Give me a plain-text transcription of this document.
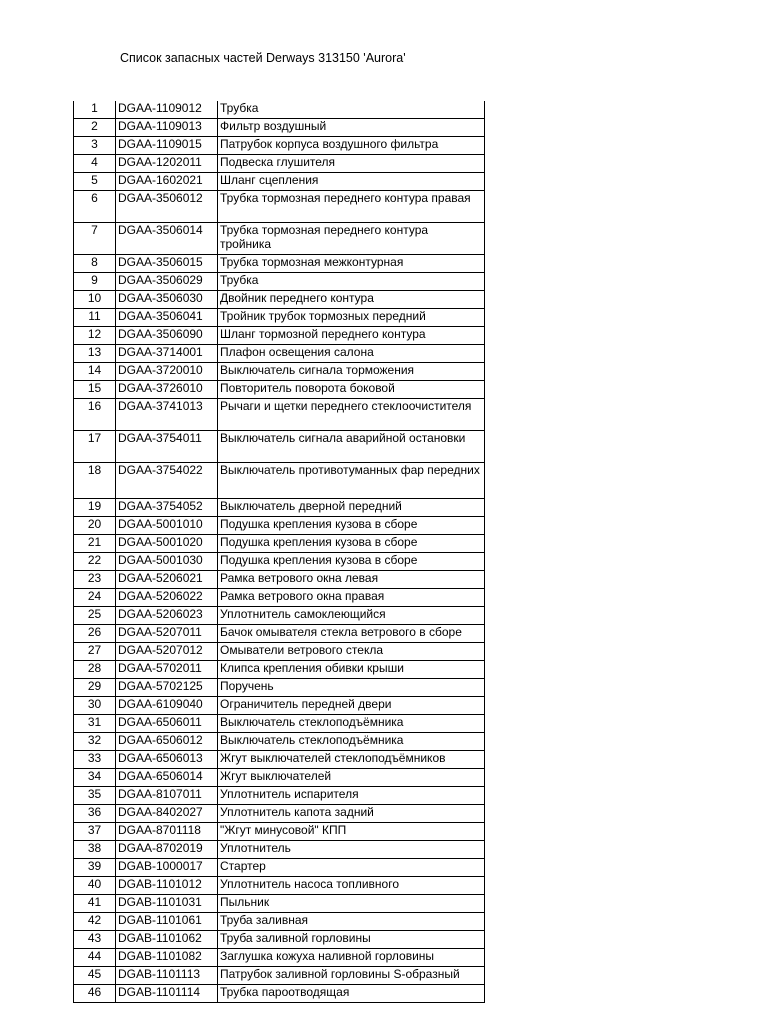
Список запасных частей Derways 313150 'Aurora'
1	DGAA-1109012	Трубка
2	DGAA-1109013	Фильтр воздушный
3	DGAA-1109015	Патрубок корпуса воздушного фильтра
4	DGAA-1202011	Подвеска глушителя
5	DGAA-1602021	Шланг сцепления
6	DGAA-3506012	Трубка тормозная переднего контура правая
7	DGAA-3506014	Трубка тормозная переднего контура тройника
8	DGAA-3506015	Трубка тормозная межконтурная
9	DGAA-3506029	Трубка
10	DGAA-3506030	Двойник переднего контура
11	DGAA-3506041	Тройник трубок тормозных передний
12	DGAA-3506090	Шланг тормозной переднего контура
13	DGAA-3714001	Плафон освещения салона
14	DGAA-3720010	Выключатель сигнала торможения
15	DGAA-3726010	Повторитель поворота боковой
16	DGAA-3741013	Рычаги и щетки переднего стеклоочистителя
17	DGAA-3754011	Выключатель сигнала аварийной остановки
18	DGAA-3754022	Выключатель противотуманных фар передних
19	DGAA-3754052	Выключатель дверной передний
20	DGAA-5001010	Подушка крепления кузова в сборе
21	DGAA-5001020	Подушка крепления кузова в сборе
22	DGAA-5001030	Подушка крепления кузова в сборе
23	DGAA-5206021	Рамка ветрового окна левая
24	DGAA-5206022	Рамка ветрового окна правая
25	DGAA-5206023	Уплотнитель самоклеющийся
26	DGAA-5207011	Бачок омывателя стекла ветрового в сборе
27	DGAA-5207012	Омыватели ветрового стекла
28	DGAA-5702011	Клипса крепления обивки крыши
29	DGAA-5702125	Поручень
30	DGAA-6109040	Ограничитель передней двери
31	DGAA-6506011	Выключатель стеклоподъёмника
32	DGAA-6506012	Выключатель стеклоподъёмника
33	DGAA-6506013	Жгут выключателей стеклоподъёмников
34	DGAA-6506014	Жгут выключателей
35	DGAA-8107011	Уплотнитель испарителя
36	DGAA-8402027	Уплотнитель капота задний
37	DGAA-8701118	"Жгут минусовой" КПП
38	DGAA-8702019	Уплотнитель
39	DGAB-1000017	Стартер
40	DGAB-1101012	Уплотнитель насоса топливного
41	DGAB-1101031	Пыльник
42	DGAB-1101061	Труба заливная
43	DGAB-1101062	Труба заливной горловины
44	DGAB-1101082	Заглушка кожуха наливной горловины
45	DGAB-1101113	Патрубок заливной горловины S-образный
46	DGAB-1101114	Трубка пароотводящая
